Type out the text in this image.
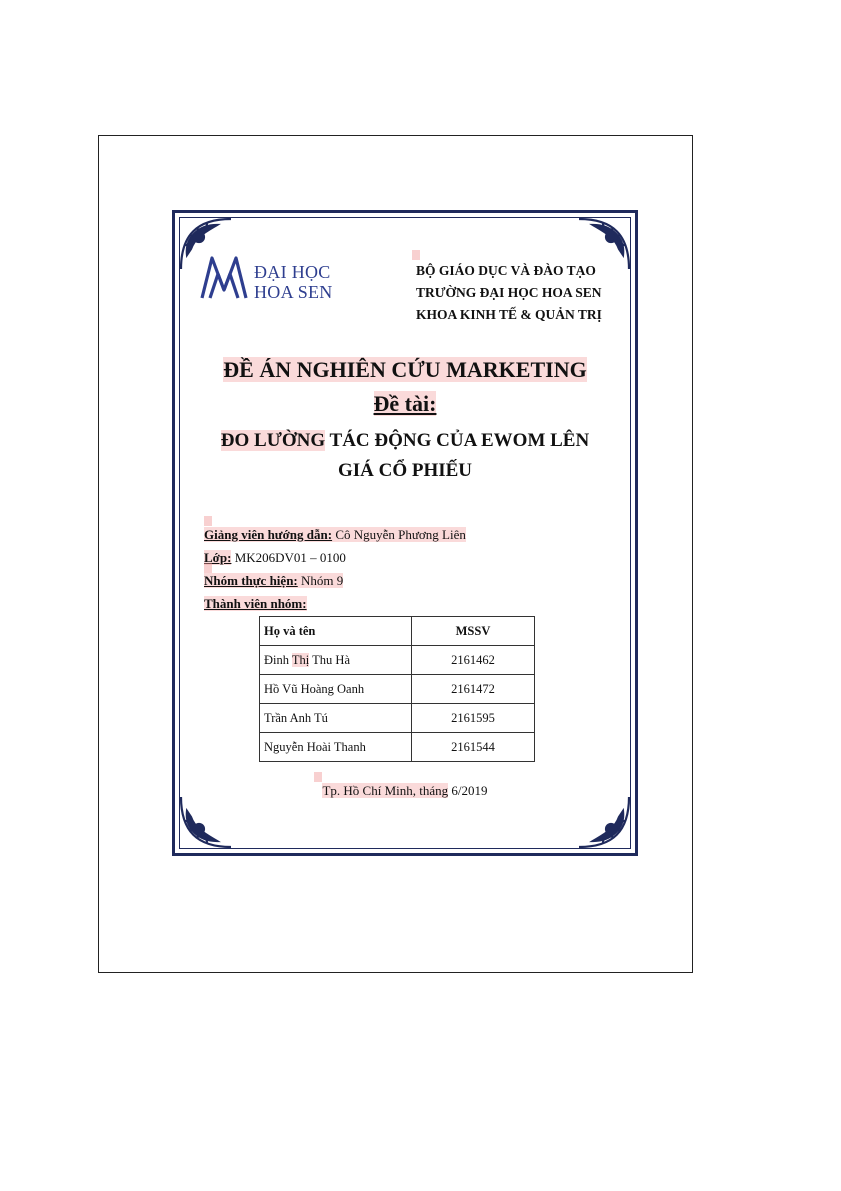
ĐẠI HỌC
HOA SEN
BỘ GIÁO DỤC VÀ ĐÀO TẠO
TRƯỜNG ĐẠI HỌC HOA SEN
KHOA KINH TẾ & QUẢN TRỊ
ĐỀ ÁN NGHIÊN CỨU MARKETING
Đề tài:
ĐO LƯỜNG TÁC ĐỘNG CỦA EWOM LÊN
GIÁ CỔ PHIẾU
Giảng viên hướng dẫn: Cô Nguyễn Phương Liên
Lớp: MK206DV01 – 0100
Nhóm thực hiện: Nhóm 9
Thành viên nhóm:
Họ và tên	MSSV
Đinh Thị Thu Hà	2161462
Hồ Vũ Hoàng Oanh	2161472
Trần Anh Tú	2161595
Nguyễn Hoài Thanh	2161544
Tp. Hồ Chí Minh, tháng 6/2019
